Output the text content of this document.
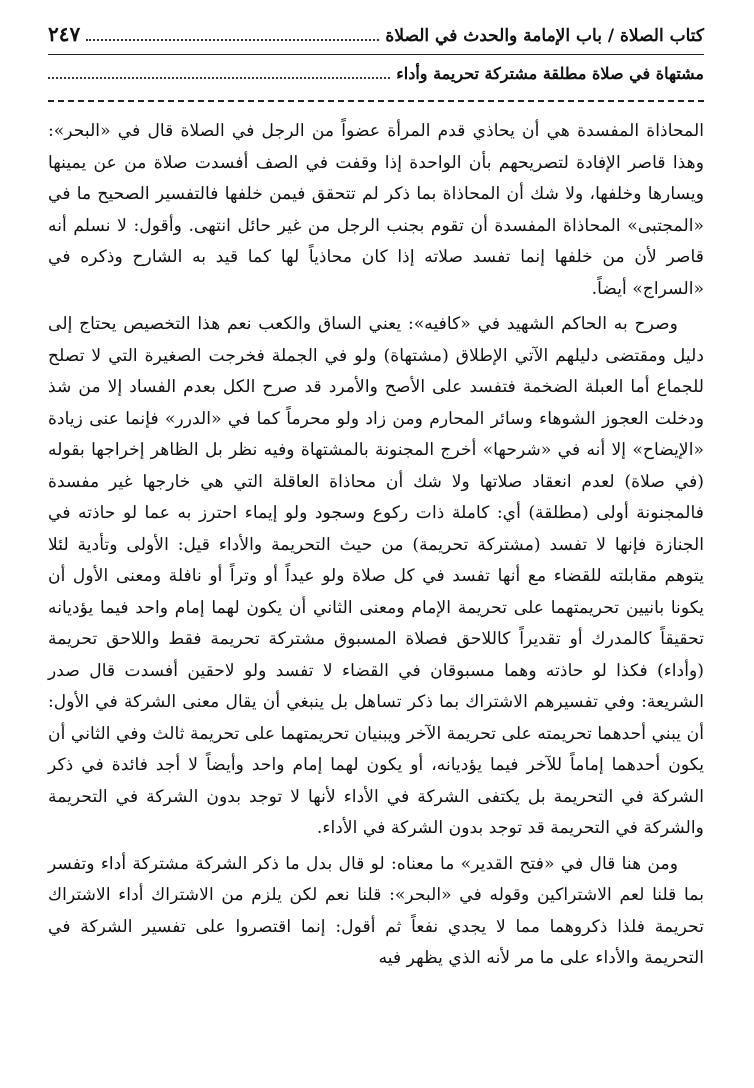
كتاب الصلاة / باب الإمامة والحدث في الصلاة
٢٤٧
مشتهاة في صلاة مطلقة مشتركة تحريمة وأداء

المحاذاة المفسدة هي أن يحاذي قدم المرأة عضواً من الرجل في الصلاة قال في «البحر»: وهذا قاصر الإفادة لتصريحهم بأن الواحدة إذا وقفت في الصف أفسدت صلاة من عن يمينها ويسارها وخلفها، ولا شك أن المحاذاة بما ذكر لم تتحقق فيمن خلفها فالتفسير الصحيح ما في «المجتبى» المحاذاة المفسدة أن تقوم بجنب الرجل من غير حائل انتهى. وأقول: لا نسلم أنه قاصر لأن من خلفها إنما تفسد صلاته إذا كان محاذياً لها كما قيد به الشارح وذكره في «السراج» أيضاً.

وصرح به الحاكم الشهيد في «كافيه»: يعني الساق والكعب نعم هذا التخصيص يحتاج إلى دليل ومقتضى دليلهم الآتي الإطلاق (مشتهاة) ولو في الجملة فخرجت الصغيرة التي لا تصلح للجماع أما العبلة الضخمة فتفسد على الأصح والأمرد قد صرح الكل بعدم الفساد إلا من شذ ودخلت العجوز الشوهاء وسائر المحارم ومن زاد ولو محرماً كما في «الدرر» فإنما عنى زيادة «الإيضاح» إلا أنه في «شرحها» أخرج المجنونة بالمشتهاة وفيه نظر بل الظاهر إخراجها بقوله (في صلاة) لعدم انعقاد صلاتها ولا شك أن محاذاة العاقلة التي هي خارجها غير مفسدة فالمجنونة أولى (مطلقة) أي: كاملة ذات ركوع وسجود ولو إيماء احترز به عما لو حاذته في الجنازة فإنها لا تفسد (مشتركة تحريمة) من حيث التحريمة والأداء قيل: الأولى وتأدية لئلا يتوهم مقابلته للقضاء مع أنها تفسد في كل صلاة ولو عيداً أو وتراً أو نافلة ومعنى الأول أن يكونا بانيين تحريمتهما على تحريمة الإمام ومعنى الثاني أن يكون لهما إمام واحد فيما يؤديانه تحقيقاً كالمدرك أو تقديراً كاللاحق فصلاة المسبوق مشتركة تحريمة فقط واللاحق تحريمة (وأداء) فكذا لو حاذته وهما مسبوقان في القضاء لا تفسد ولو لاحقين أفسدت قال صدر الشريعة: وفي تفسيرهم الاشتراك بما ذكر تساهل بل ينبغي أن يقال معنى الشركة في الأول: أن يبني أحدهما تحريمته على تحريمة الآخر ويبنيان تحريمتهما على تحريمة ثالث وفي الثاني أن يكون أحدهما إماماً للآخر فيما يؤديانه، أو يكون لهما إمام واحد وأيضاً لا أجد فائدة في ذكر الشركة في التحريمة بل يكتفى الشركة في الأداء لأنها لا توجد بدون الشركة في التحريمة والشركة في التحريمة قد توجد بدون الشركة في الأداء.

ومن هنا قال في «فتح القدير» ما معناه: لو قال بدل ما ذكر الشركة مشتركة أداء وتفسر بما قلنا لعم الاشتراكين وقوله في «البحر»: قلنا نعم لكن يلزم من الاشتراك أداء الاشتراك تحريمة فلذا ذكروهما مما لا يجدي نفعاً ثم أقول: إنما اقتصروا على تفسير الشركة في التحريمة والأداء على ما مر لأنه الذي يظهر فيه
